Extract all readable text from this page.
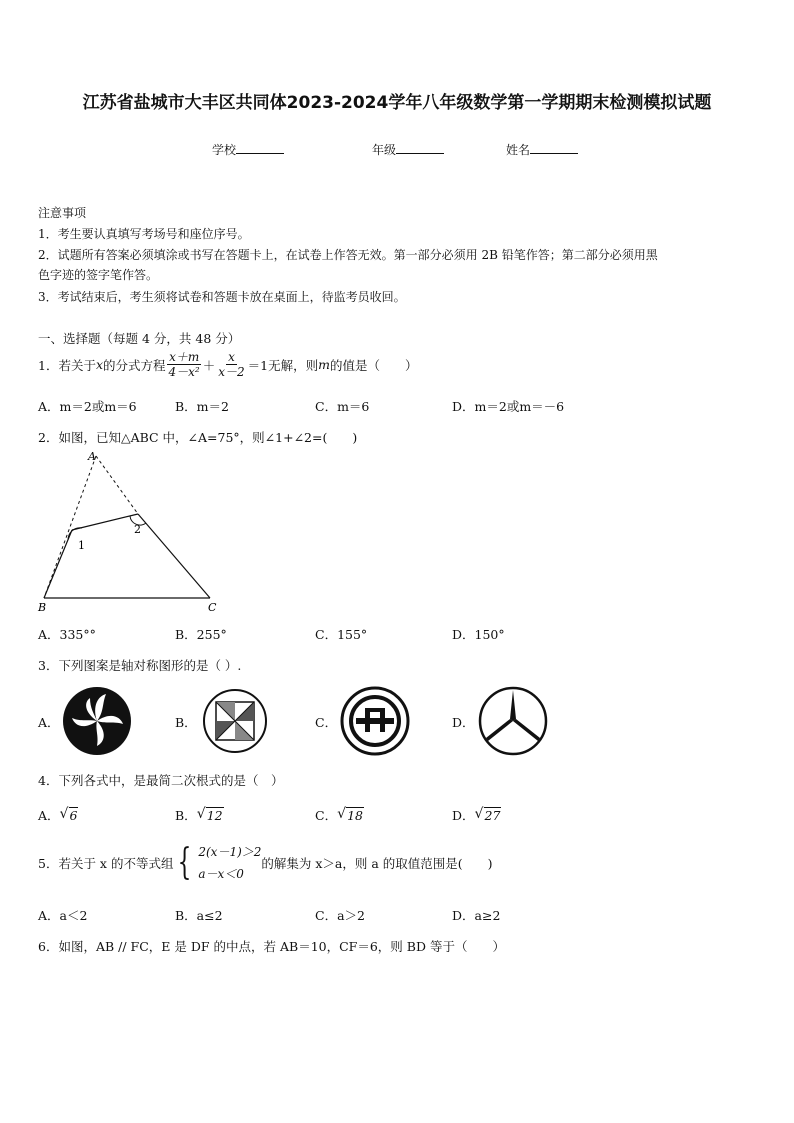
江苏省盐城市大丰区共同体2023-2024学年八年级数学第一学期期末检测模拟试题
学校	年级	姓名
注意事项
1．考生要认真填写考场号和座位序号。
2．试题所有答案必须填涂或书写在答题卡上，在试卷上作答无效。第一部分必须用 2B 铅笔作答；第二部分必须用黑
色字迹的签字笔作答。
3．考试结束后，考生须将试卷和答题卡放在桌面上，待监考员收回。
一、选择题（每题 4 分，共 48 分）
1．若关于 x 的分式方程 $\frac{x+m}{\text{4－x²}} + \frac{x}{x-2} =1$无解，则 m 的值是（　　）
A．m＝2或m＝6	B．m＝2	C．m＝6	D．m＝2或m＝－6
2．如图，已知△ABC 中，∠A=75°，则∠1+∠2=(　　)
A
B	C
1
2
A．335°°	B．255°	C．155°	D．150°
3．下列图案是轴对称图形的是（ ）.
A．	B．	C．	D．
4．下列各式中，是最简二次根式的是（　）
A． √ 6	B． √ 12	C． √ 18	D． √ 27
5．若关于 x 的不等式组 { 2(x－1)＞2
a－x＜0
的解集为 x＞a，则 a 的取值范围是(　　)
A．a＜2	B．a≤2	C．a＞2	D．a≥2
6．如图，AB // FC，E 是 DF 的中点，若 AB＝10，CF＝6，则 BD 等于（　　）
